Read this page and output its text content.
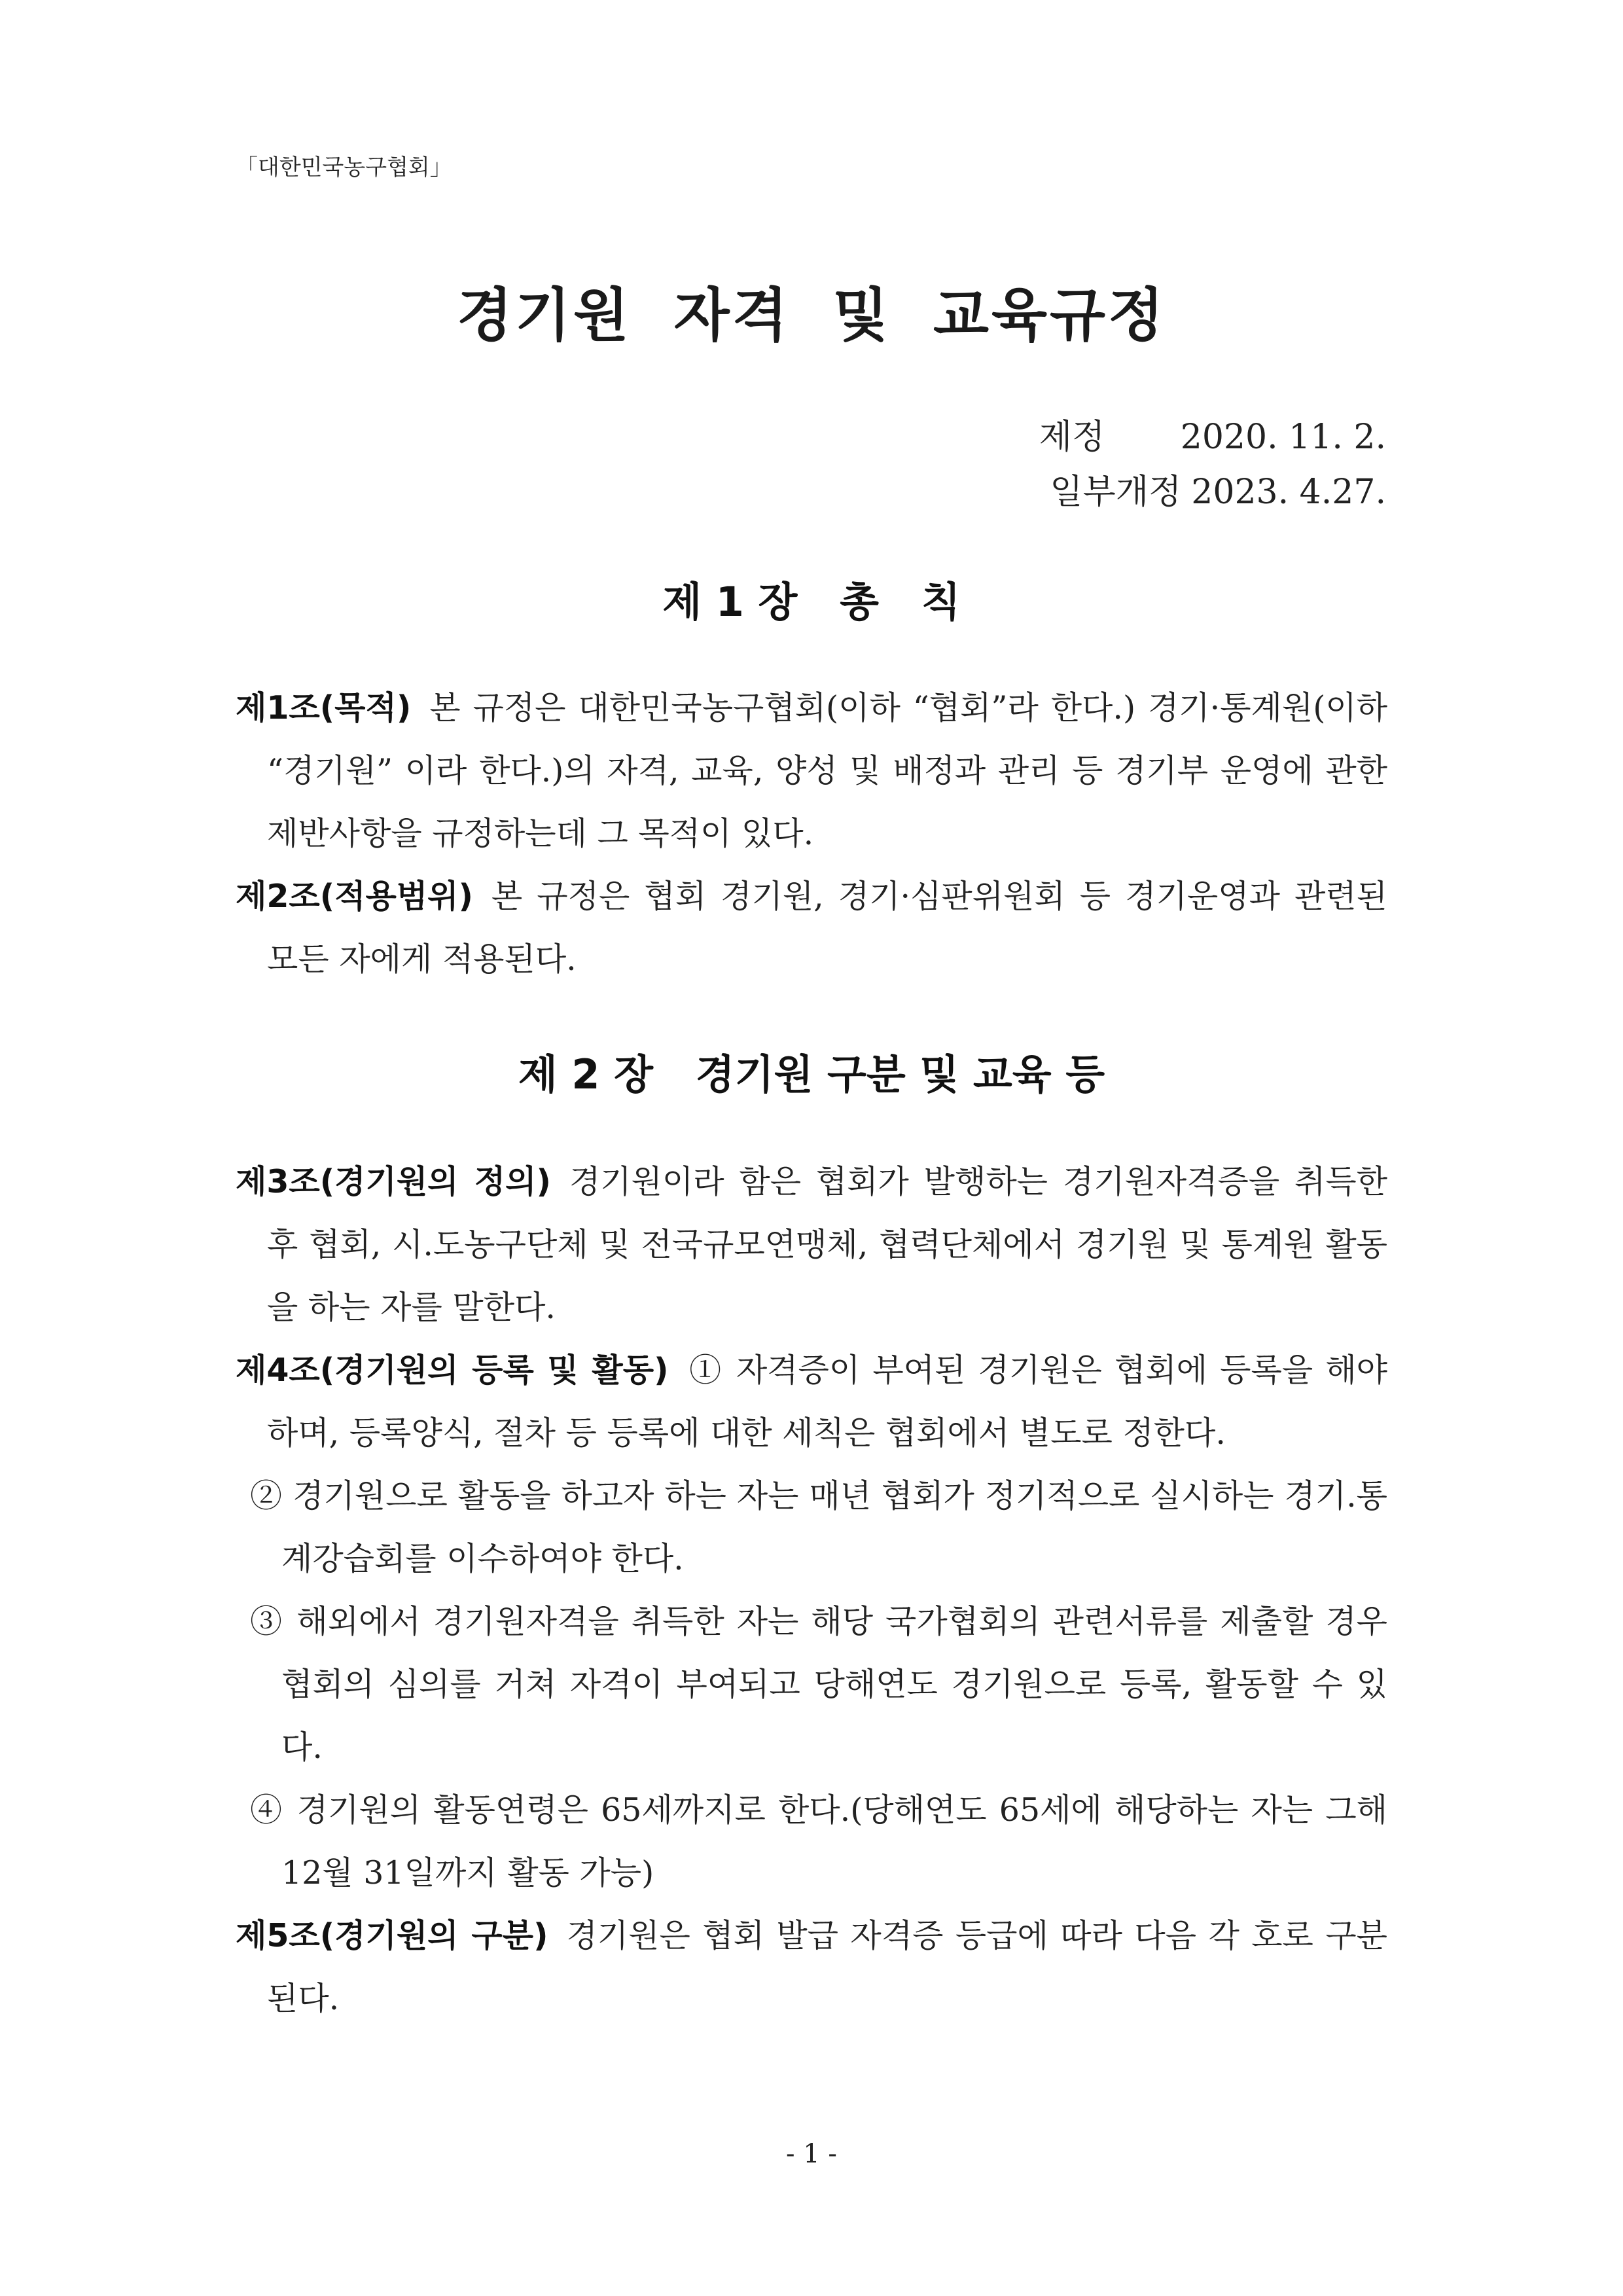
「대한민국농구협회」
경기원 자격 및 교육규정
제정	2020. 11. 2.
일부개정 2023. 4.27.
제 1 장   총   칙

제1조(목적) 본 규정은 대한민국농구협회(이하 “협회”라 한다.) 경기·통계원(이하 “경기원” 이라 한다.)의 자격, 교육, 양성 및 배정과 관리 등 경기부 운영에 관한 제반사항을 규정하는데 그 목적이 있다.

제2조(적용범위) 본 규정은 협회 경기원, 경기·심판위원회 등 경기운영과 관련된 모든 자에게 적용된다.

제 2 장   경기원 구분 및 교육 등

제3조(경기원의 정의) 경기원이라 함은 협회가 발행하는 경기원자격증을 취득한 후 협회, 시.도농구단체 및 전국규모연맹체, 협력단체에서 경기원 및 통계원 활동을 하는 자를 말한다.

제4조(경기원의 등록 및 활동) ① 자격증이 부여된 경기원은 협회에 등록을 해야 하며, 등록양식, 절차 등 등록에 대한 세칙은 협회에서 별도로 정한다.

② 경기원으로 활동을 하고자 하는 자는 매년 협회가 정기적으로 실시하는 경기.통계강습회를 이수하여야 한다.

③ 해외에서 경기원자격을 취득한 자는 해당 국가협회의 관련서류를 제출할 경우 협회의 심의를 거쳐 자격이 부여되고 당해연도 경기원으로 등록, 활동할 수 있다.

④ 경기원의 활동연령은 65세까지로 한다.(당해연도 65세에 해당하는 자는 그해 12월 31일까지 활동 가능)

제5조(경기원의 구분) 경기원은 협회 발급 자격증 등급에 따라 다음 각 호로 구분된다.

- 1 -
